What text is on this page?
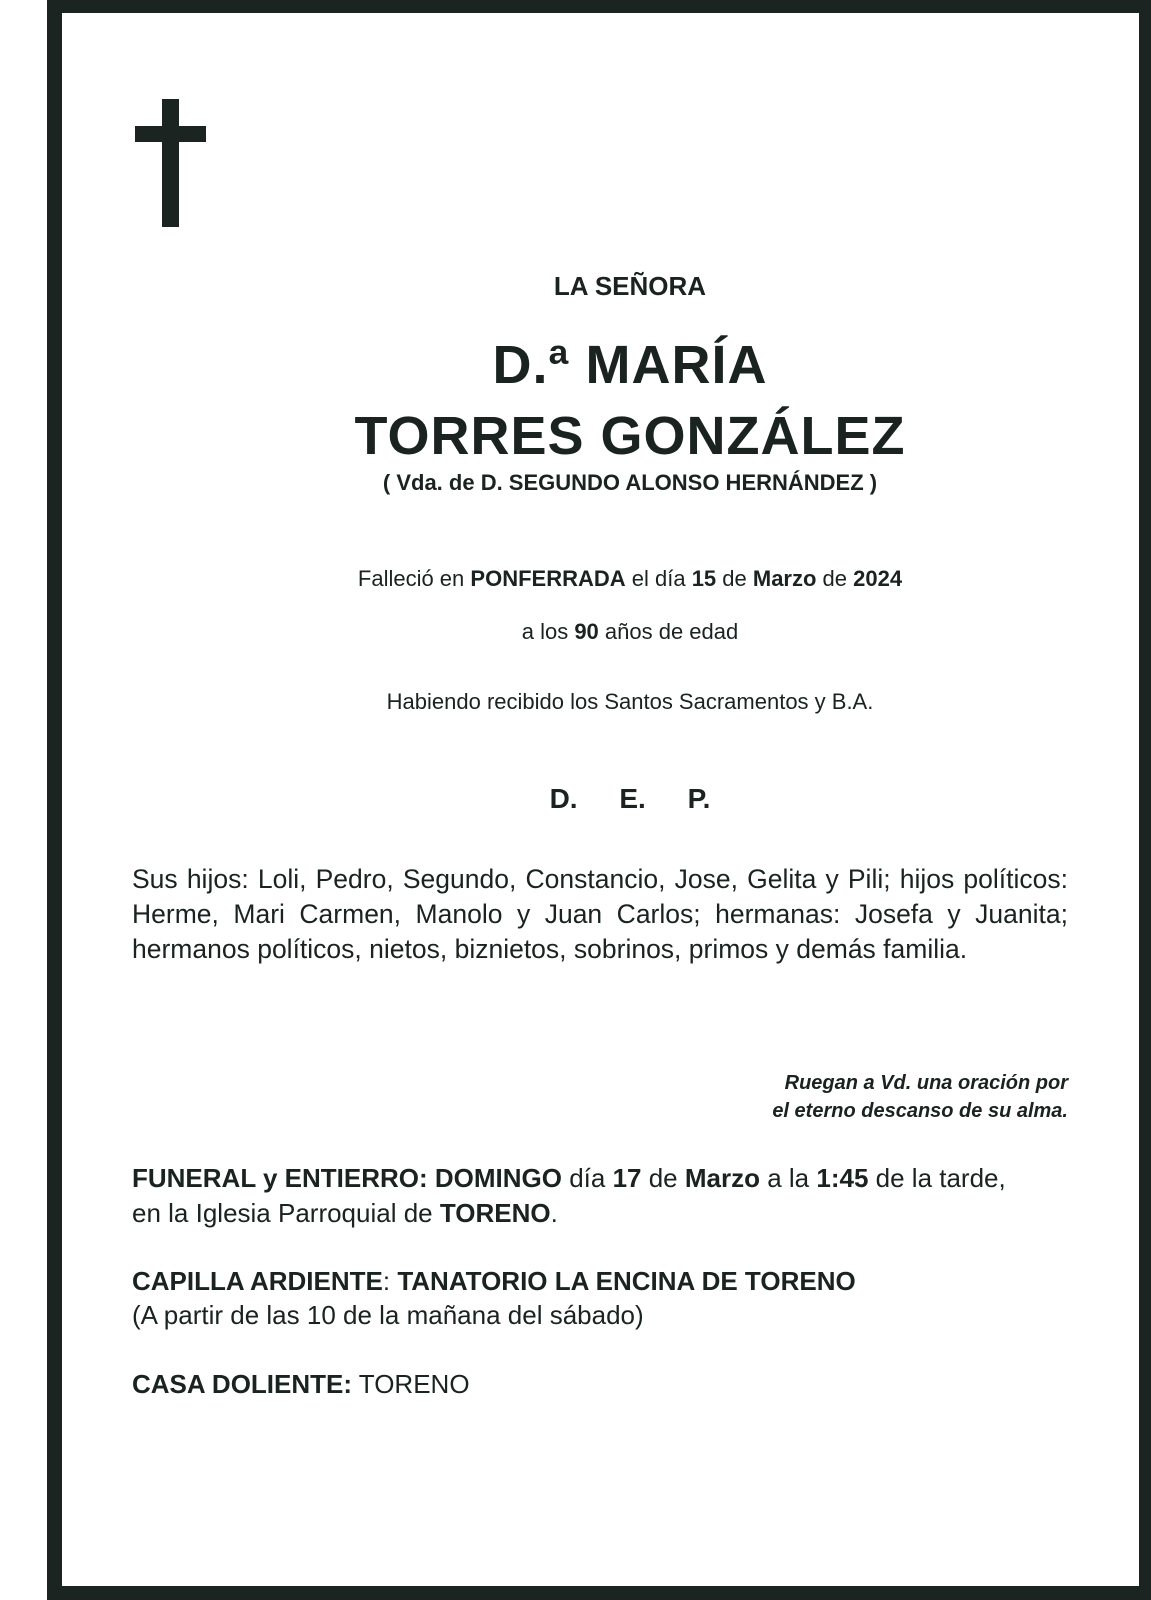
LA SEÑORA
D.ª MARÍA
TORRES GONZÁLEZ
( Vda. de D. SEGUNDO ALONSO HERNÁNDEZ )
Falleció en PONFERRADA el día 15 de Marzo de 2024
a los 90 años de edad
Habiendo recibido los Santos Sacramentos y B.A.
D. E. P.
Sus hijos: Loli, Pedro, Segundo, Constancio, Jose, Gelita y Pili; hijos políticos: Herme, Mari Carmen, Manolo y Juan Carlos; hermanas: Josefa y Juanita; hermanos políticos, nietos, biznietos, sobrinos, primos y demás familia.
Ruegan a Vd. una oración por
el eterno descanso de su alma.
FUNERAL y ENTIERRO: DOMINGO día 17 de Marzo a la 1:45 de la tarde,
en la Iglesia Parroquial de TORENO.
CAPILLA ARDIENTE: TANATORIO LA ENCINA DE TORENO
(A partir de las 10 de la mañana del sábado)
CASA DOLIENTE: TORENO
